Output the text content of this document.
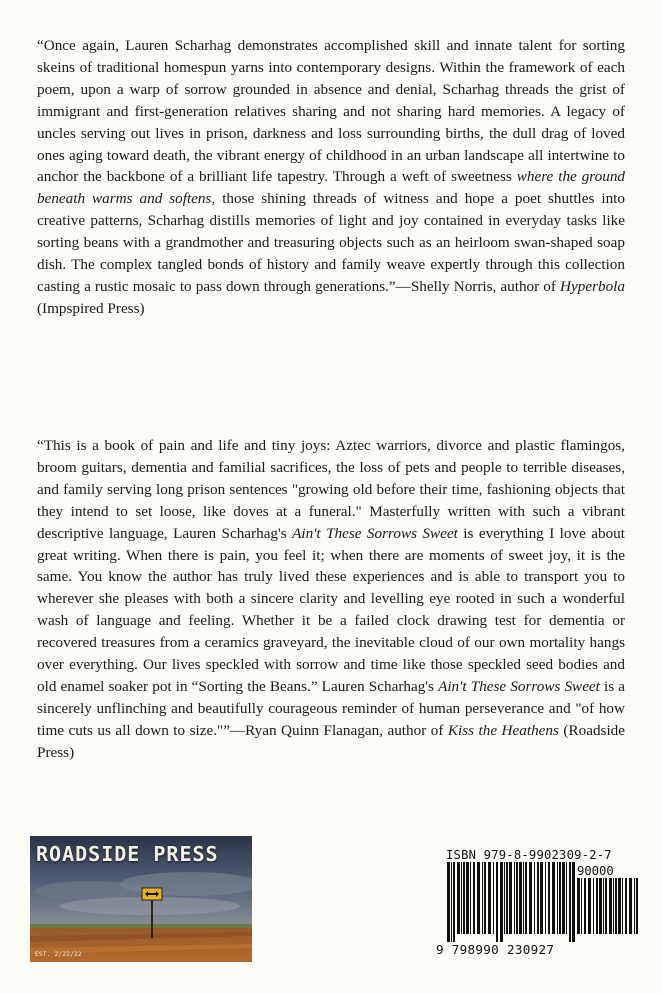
“Once again, Lauren Scharhag demonstrates accomplished skill and innate talent for sorting skeins of traditional homespun yarns into contemporary designs. Within the framework of each poem, upon a warp of sorrow grounded in absence and denial, Scharhag threads the grist of immigrant and first-generation relatives sharing and not sharing hard memories. A legacy of uncles serving out lives in prison, darkness and loss surrounding births, the dull drag of loved ones aging toward death, the vibrant energy of childhood in an urban landscape all intertwine to anchor the backbone of a brilliant life tapestry. Through a weft of sweetness where the ground beneath warms and softens, those shining threads of witness and hope a poet shuttles into creative patterns, Scharhag distills memories of light and joy contained in everyday tasks like sorting beans with a grandmother and treasuring objects such as an heirloom swan-shaped soap dish. The complex tangled bonds of history and family weave expertly through this collection casting a rustic mosaic to pass down through generations.”—Shelly Norris, author of Hyperbola (Impspired Press)

“This is a book of pain and life and tiny joys: Aztec warriors, divorce and plastic flamingos, broom guitars, dementia and familial sacrifices, the loss of pets and people to terrible diseases, and family serving long prison sentences "growing old before their time, fashioning objects that they intend to set loose, like doves at a funeral." Masterfully written with such a vibrant descriptive language, Lauren Scharhag's Ain't These Sorrows Sweet is everything I love about great writing. When there is pain, you feel it; when there are moments of sweet joy, it is the same. You know the author has truly lived these experiences and is able to transport you to wherever she pleases with both a sincere clarity and levelling eye rooted in such a wonderful wash of language and feeling. Whether it be a failed clock drawing test for dementia or recovered treasures from a ceramics graveyard, the inevitable cloud of our own mortality hangs over everything. Our lives speckled with sorrow and time like those speckled seed bodies and old enamel soaker pot in “Sorting the Beans.” Lauren Scharhag's Ain't These Sorrows Sweet is a sincerely unflinching and beautifully courageous reminder of human perseverance and "of how time cuts us all down to size."”—Ryan Quinn Flanagan, author of Kiss the Heathens (Roadside Press)

ROADSIDE PRESS
EST. 2/22/22
ISBN 979-8-9902309-2-7
90000
9 798990 230927
